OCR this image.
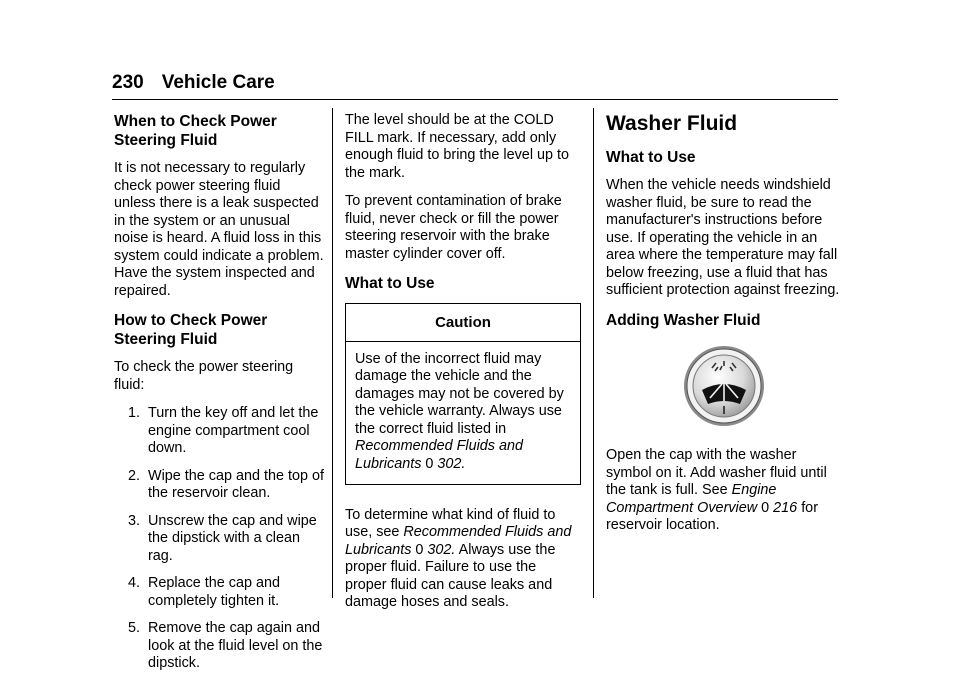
230 Vehicle Care
When to Check Power Steering Fluid

It is not necessary to regularly check power steering fluid unless there is a leak suspected in the system or an unusual noise is heard. A fluid loss in this system could indicate a problem. Have the system inspected and repaired.

How to Check Power Steering Fluid

To check the power steering fluid:

1. Turn the key off and let the engine compartment cool down.
2. Wipe the cap and the top of the reservoir clean.
3. Unscrew the cap and wipe the dipstick with a clean rag.
4. Replace the cap and completely tighten it.
5. Remove the cap again and look at the fluid level on the dipstick.

The level should be at the COLD FILL mark. If necessary, add only enough fluid to bring the level up to the mark.

To prevent contamination of brake fluid, never check or fill the power steering reservoir with the brake master cylinder cover off.

What to Use
Caution
Use of the incorrect fluid may damage the vehicle and the damages may not be covered by the vehicle warranty. Always use the correct fluid listed in Recommended Fluids and Lubricants 0 302.

To determine what kind of fluid to use, see Recommended Fluids and Lubricants 0 302. Always use the proper fluid. Failure to use the proper fluid can cause leaks and damage hoses and seals.

Washer Fluid
What to Use

When the vehicle needs windshield washer fluid, be sure to read the manufacturer's instructions before use. If operating the vehicle in an area where the temperature may fall below freezing, use a fluid that has sufficient protection against freezing.

Adding Washer Fluid

Open the cap with the washer symbol on it. Add washer fluid until the tank is full. See Engine Compartment Overview 0 216 for reservoir location.
